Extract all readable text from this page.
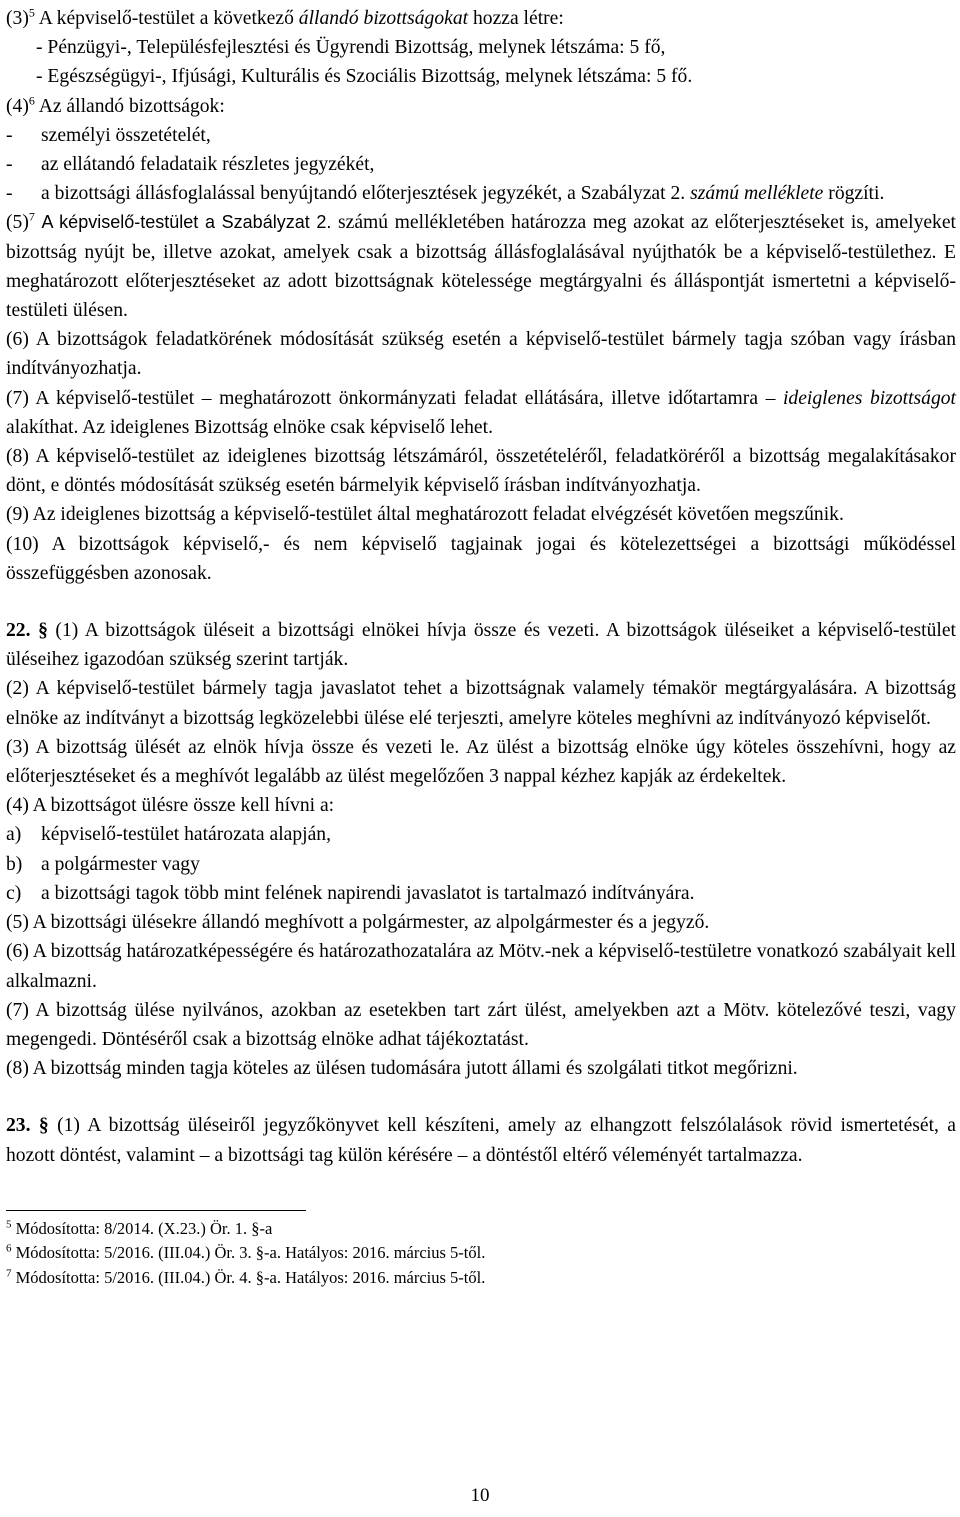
$(3)^5$ A képviselő-testület a következő állandó bizottságokat hozza létre:

- Pénzügyi-, Településfejlesztési és Ügyrendi Bizottság, melynek létszáma: 5 fő,

- Egészségügyi-, Ifjúsági, Kulturális és Szociális Bizottság, melynek létszáma: 5 fő.

$(4)^6$ Az állandó bizottságok:

- személyi összetételét,

- az ellátandó feladataik részletes jegyzékét,

- a bizottsági állásfoglalással benyújtandó előterjesztések jegyzékét, a Szabályzat 2. számú melléklete rögzíti.

$(5)^7$ A képviselő-testület a Szabályzat 2. számú mellékletében határozza meg azokat az előterjesztéseket is, amelyeket bizottság nyújt be, illetve azokat, amelyek csak a bizottság állásfoglalásával nyújthatók be a képviselő-testülethez. E meghatározott előterjesztéseket az adott bizottságnak kötelessége megtárgyalni és álláspontját ismertetni a képviselő-testületi ülésen.

(6) A bizottságok feladatkörének módosítását szükség esetén a képviselő-testület bármely tagja szóban vagy írásban indítványozhatja.

(7) A képviselő-testület – meghatározott önkormányzati feladat ellátására, illetve időtartamra – ideiglenes bizottságot alakíthat. Az ideiglenes Bizottság elnöke csak képviselő lehet.

(8) A képviselő-testület az ideiglenes bizottság létszámáról, összetételéről, feladatköréről a bizottság megalakításakor dönt, e döntés módosítását szükség esetén bármelyik képviselő írásban indítványozhatja.

(9) Az ideiglenes bizottság a képviselő-testület által meghatározott feladat elvégzését követően megszűnik.

(10) A bizottságok képviselő,- és nem képviselő tagjainak jogai és kötelezettségei a bizottsági működéssel összefüggésben azonosak.

22. § (1) A bizottságok üléseit a bizottsági elnökei hívja össze és vezeti. A bizottságok üléseiket a képviselő-testület üléseihez igazodóan szükség szerint tartják.

(2) A képviselő-testület bármely tagja javaslatot tehet a bizottságnak valamely témakör megtárgyalására. A bizottság elnöke az indítványt a bizottság legközelebbi ülése elé terjeszti, amelyre köteles meghívni az indítványozó képviselőt.

(3) A bizottság ülését az elnök hívja össze és vezeti le. Az ülést a bizottság elnöke úgy köteles összehívni, hogy az előterjesztéseket és a meghívót legalább az ülést megelőzően 3 nappal kézhez kapják az érdekeltek.

(4) A bizottságot ülésre össze kell hívni a:

a) képviselő-testület határozata alapján,

b) a polgármester vagy

c) a bizottsági tagok több mint felének napirendi javaslatot is tartalmazó indítványára.

(5) A bizottsági ülésekre állandó meghívott a polgármester, az alpolgármester és a jegyző.

(6) A bizottság határozatképességére és határozathozatalára az Mötv.-nek a képviselő-testületre vonatkozó szabályait kell alkalmazni.

(7) A bizottság ülése nyilvános, azokban az esetekben tart zárt ülést, amelyekben azt a Mötv. kötelezővé teszi, vagy megengedi. Döntéséről csak a bizottság elnöke adhat tájékoztatást.

(8) A bizottság minden tagja köteles az ülésen tudomására jutott állami és szolgálati titkot megőrizni.

23. § (1) A bizottság üléseiről jegyzőkönyvet kell készíteni, amely az elhangzott felszólalások rövid ismertetését, a hozott döntést, valamint – a bizottsági tag külön kérésére – a döntéstől eltérő véleményét tartalmazza.

$^5$ Módosította: 8/2014. (X.23.) Ör. 1. §-a

$^6$ Módosította: 5/2016. (III.04.) Ör. 3. §-a. Hatályos: 2016. március 5-től.

$^7$ Módosította: 5/2016. (III.04.) Ör. 4. §-a. Hatályos: 2016. március 5-től.

10
